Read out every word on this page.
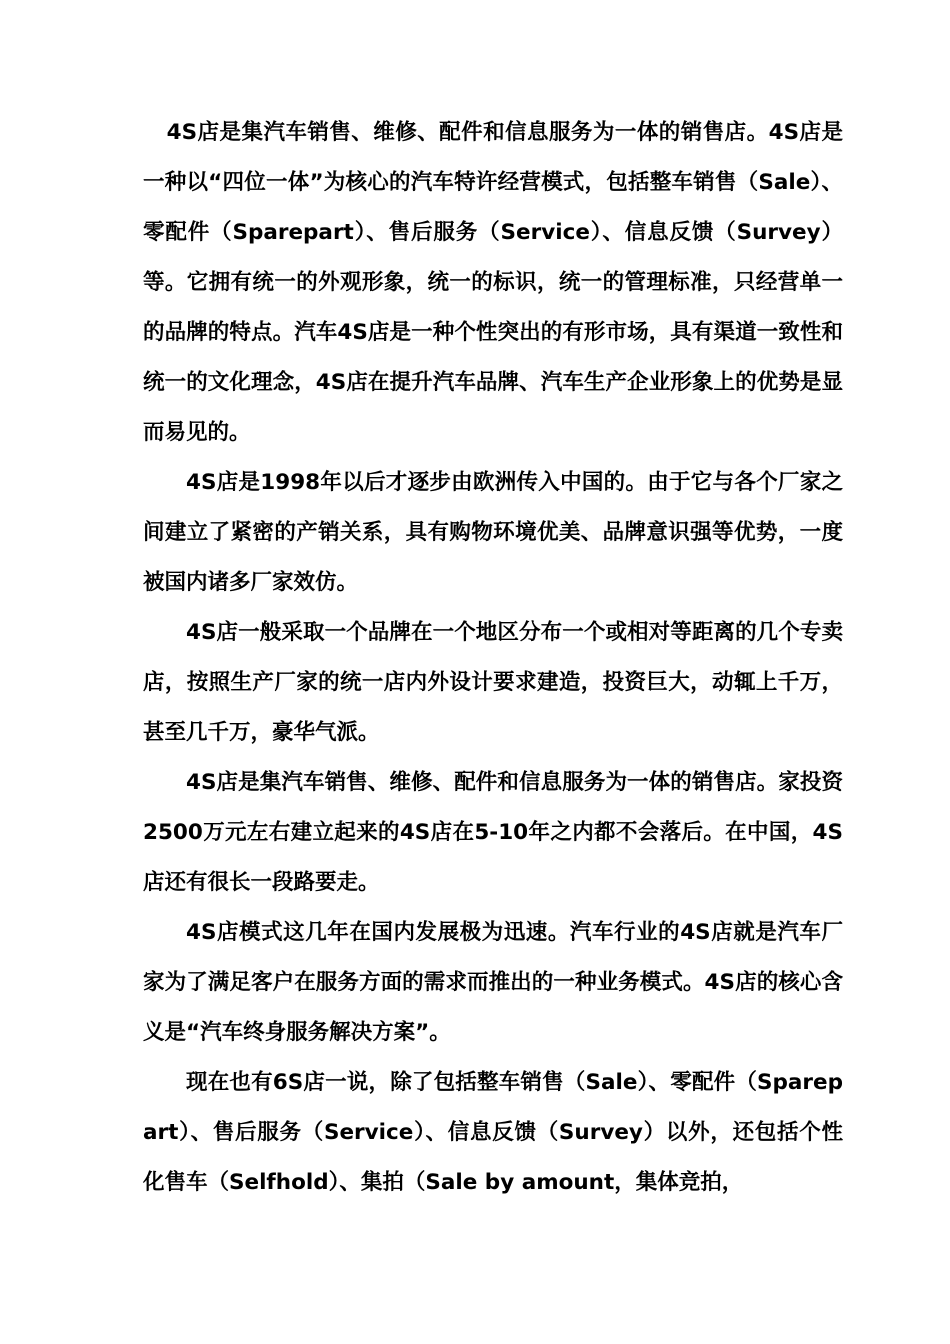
4S店是集汽车销售、维修、配件和信息服务为一体的销售店。4S店是一种以“四位一体”为核心的汽车特许经营模式，包括整车销售（Sale）、零配件（Sparepart）、售后服务（Service）、信息反馈（Survey）等。它拥有统一的外观形象，统一的标识，统一的管理标准，只经营单一的品牌的特点。汽车4S店是一种个性突出的有形市场，具有渠道一致性和统一的文化理念，4S店在提升汽车品牌、汽车生产企业形象上的优势是显而易见的。

4S店是1998年以后才逐步由欧洲传入中国的。由于它与各个厂家之间建立了紧密的产销关系，具有购物环境优美、品牌意识强等优势，一度被国内诸多厂家效仿。

4S店一般采取一个品牌在一个地区分布一个或相对等距离的几个专卖店，按照生产厂家的统一店内外设计要求建造，投资巨大，动辄上千万，甚至几千万，豪华气派。

4S店是集汽车销售、维修、配件和信息服务为一体的销售店。家投资2500万元左右建立起来的4S店在5-10年之内都不会落后。在中国，4S店还有很长一段路要走。

4S店模式这几年在国内发展极为迅速。汽车行业的4S店就是汽车厂家为了满足客户在服务方面的需求而推出的一种业务模式。4S店的核心含义是“汽车终身服务解决方案”。

现在也有6S店一说，除了包括整车销售（Sale）、零配件（Sparepart）、售后服务（Service）、信息反馈（Survey）以外，还包括个性化售车（Selfhold）、集拍（Sale by amount，集体竞拍，
